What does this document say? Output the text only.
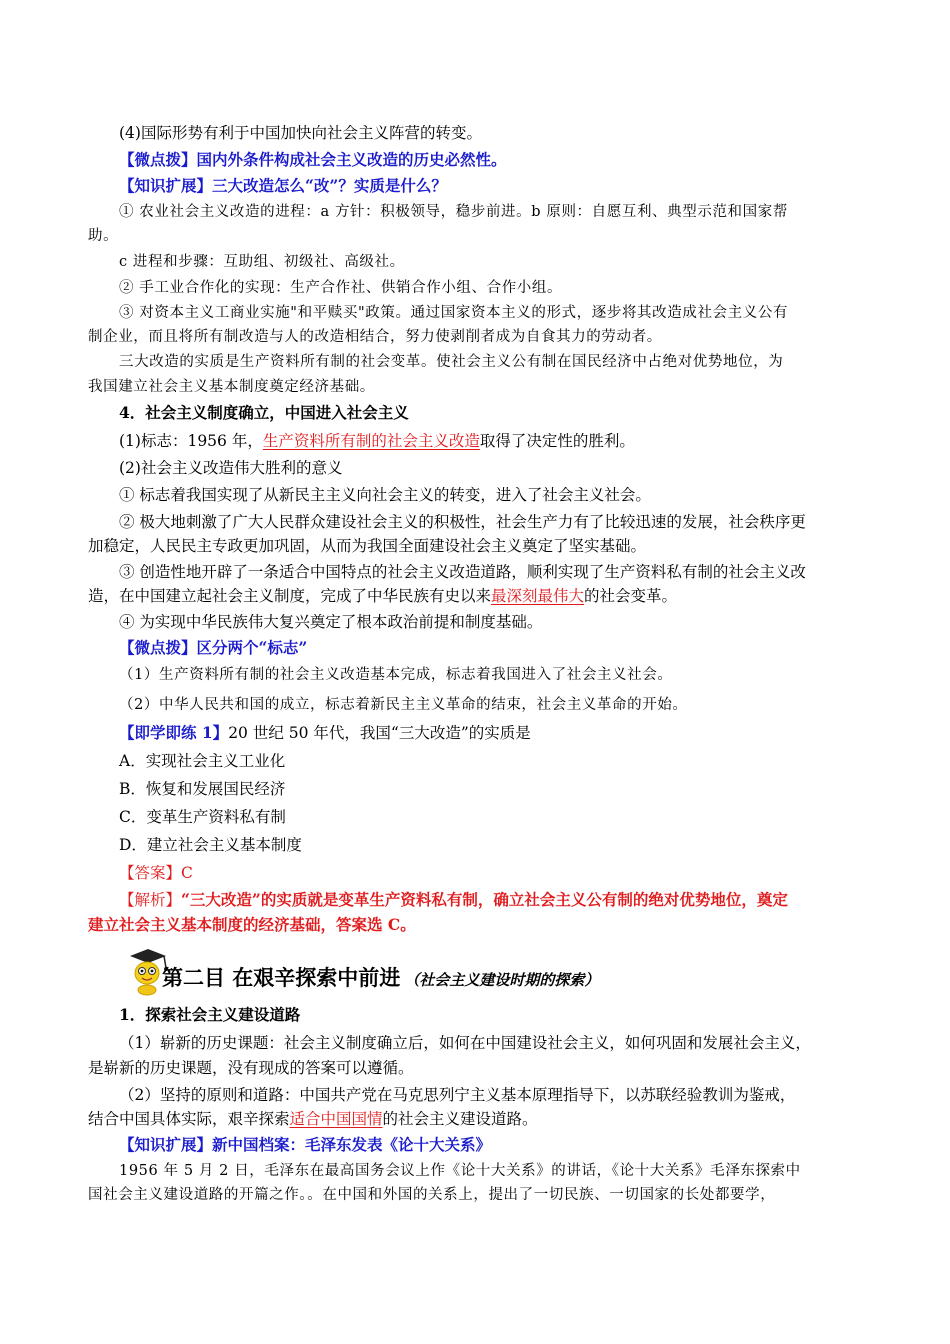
(4)国际形势有利于中国加快向社会主义阵营的转变。

【微点拨】国内外条件构成社会主义改造的历史必然性。

【知识扩展】三大改造怎么“改”？实质是什么？

① 农业社会主义改造的进程：a 方针：积极领导，稳步前进。b 原则：自愿互利、典型示范和国家帮

助。

c 进程和步骤：互助组、初级社、高级社。

② 手工业合作化的实现：生产合作社、供销合作小组、合作小组。

③ 对资本主义工商业实施"和平赎买"政策。通过国家资本主义的形式，逐步将其改造成社会主义公有

制企业，而且将所有制改造与人的改造相结合，努力使剥削者成为自食其力的劳动者。

三大改造的实质是生产资料所有制的社会变革。使社会主义公有制在国民经济中占绝对优势地位，为

我国建立社会主义基本制度奠定经济基础。

4．社会主义制度确立，中国进入社会主义

(1)标志：1956 年，生产资料所有制的社会主义改造取得了决定性的胜利。

(2)社会主义改造伟大胜利的意义

① 标志着我国实现了从新民主主义向社会主义的转变，进入了社会主义社会。

② 极大地刺激了广大人民群众建设社会主义的积极性，社会生产力有了比较迅速的发展，社会秩序更

加稳定，人民民主专政更加巩固，从而为我国全面建设社会主义奠定了坚实基础。

③ 创造性地开辟了一条适合中国特点的社会主义改造道路，顺利实现了生产资料私有制的社会主义改

造，在中国建立起社会主义制度，完成了中华民族有史以来最深刻最伟大的社会变革。

④ 为实现中华民族伟大复兴奠定了根本政治前提和制度基础。

【微点拨】区分两个“标志”

（1）生产资料所有制的社会主义改造基本完成，标志着我国进入了社会主义社会。

（2）中华人民共和国的成立，标志着新民主主义革命的结束，社会主义革命的开始。

【即学即练 1】20 世纪 50 年代，我国“三大改造”的实质是

A．实现社会主义工业化

B．恢复和发展国民经济

C．变革生产资料私有制

D．建立社会主义基本制度

【答案】C

【解析】“三大改造”的实质就是变革生产资料私有制，确立社会主义公有制的绝对优势地位，奠定

建立社会主义基本制度的经济基础，答案选 C。

第二目 在艰辛探索中前进 （社会主义建设时期的探索）

1．探索社会主义建设道路

（1）崭新的历史课题：社会主义制度确立后，如何在中国建设社会主义，如何巩固和发展社会主义，

是崭新的历史课题，没有现成的答案可以遵循。

（2）坚持的原则和道路：中国共产党在马克思列宁主义基本原理指导下，以苏联经验教训为鉴戒，

结合中国具体实际，艰辛探索适合中国国情的社会主义建设道路。

【知识扩展】新中国档案：毛泽东发表《论十大关系》

1956 年 5 月 2 日，毛泽东在最高国务会议上作《论十大关系》的讲话，《论十大关系》毛泽东探索中

国社会主义建设道路的开篇之作。。在中国和外国的关系上，提出了一切民族、一切国家的长处都要学，
